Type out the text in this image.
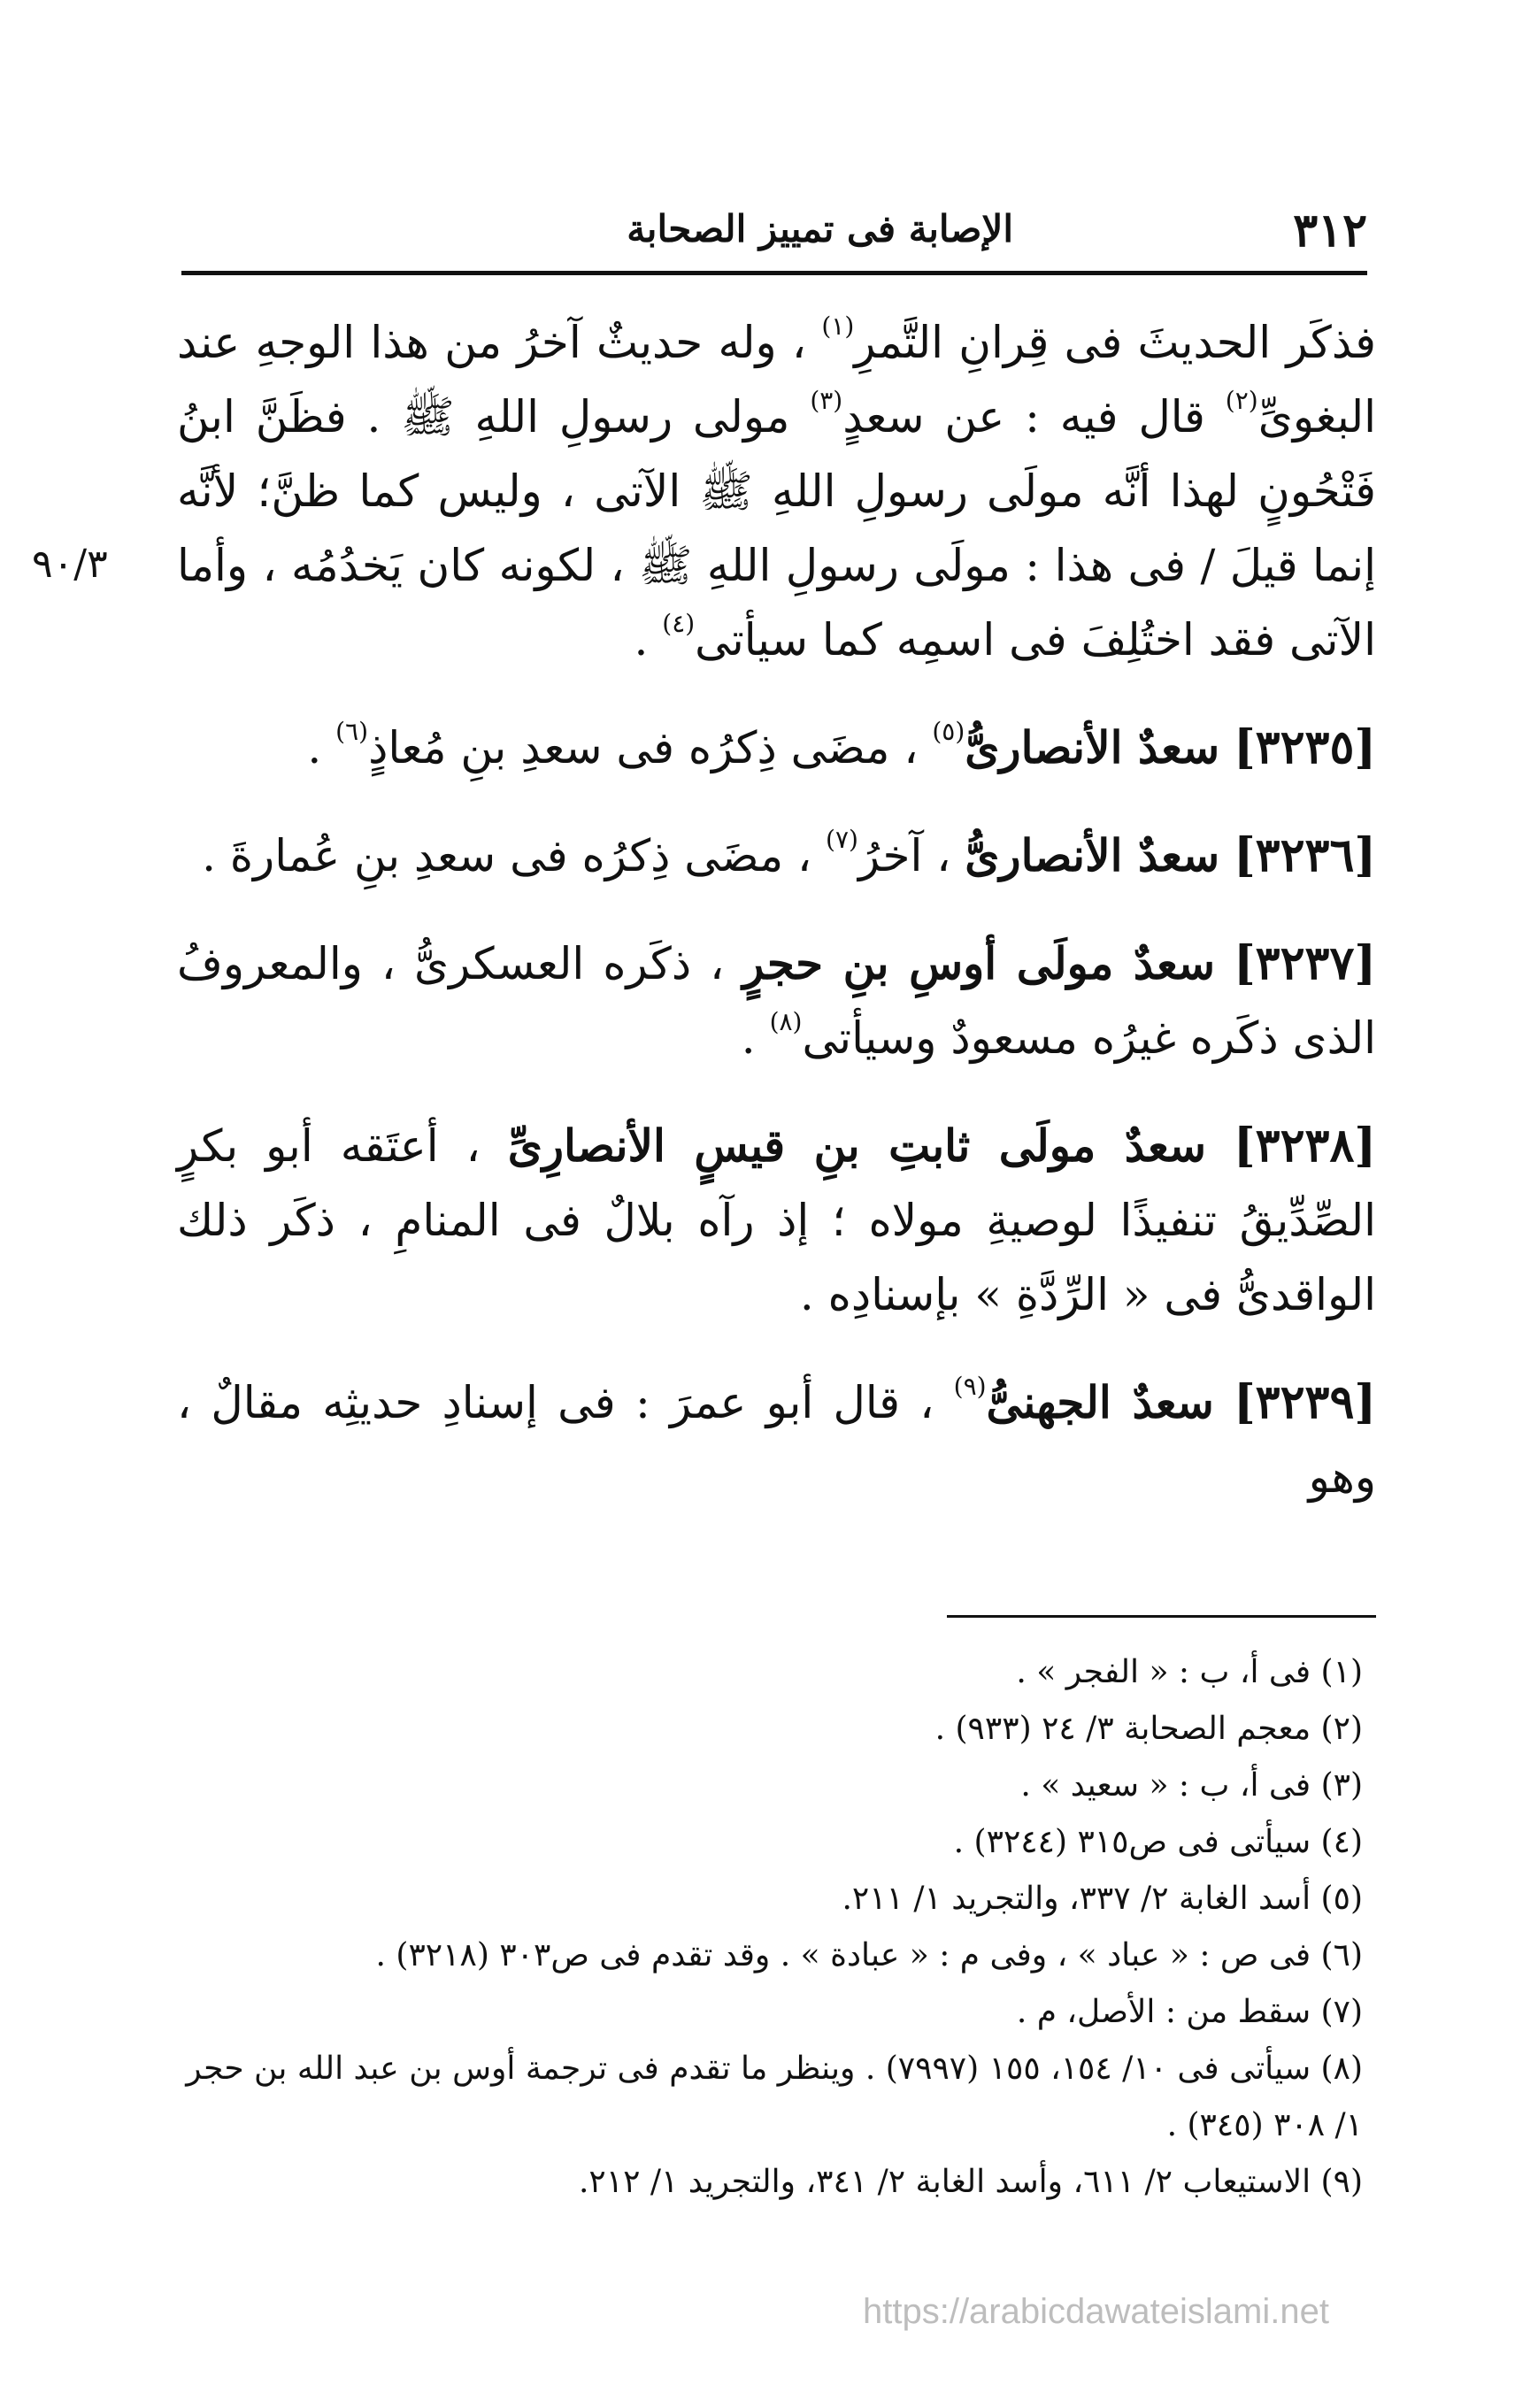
٣١٢
الإصابة فى تمييز الصحابة
٩٠/٣

فذكَر الحديثَ فى قِرانِ التَّمرِ$^{(١)}$ ، وله حديثٌ آخرُ من هذا الوجهِ عند البغوىِّ$^{(٢)}$ قال فيه : عن سعدٍ$^{(٣)}$ مولى رسولِ اللهِ ﷺ . فظَنَّ ابنُ فَتْحُونٍ لهذا أنَّه مولَى رسولِ اللهِ ﷺ الآتى ، وليس كما ظنَّ؛ لأنَّه إنما قيلَ / فى هذا : مولَى رسولِ اللهِ ﷺ ، لكونه كان يَخدُمُه ، وأما الآتى فقد اختُلِفَ فى اسمِه كما سيأتى$^{(٤)}$ .

[٣٢٣٥] سعدٌ الأنصارىُّ$^{(٥)}$ ، مضَى ذِكرُه فى سعدِ بنِ مُعاذٍ$^{(٦)}$ .

[٣٢٣٦] سعدٌ الأنصارىُّ ، آخرُ$^{(٧)}$ ، مضَى ذِكرُه فى سعدِ بنِ عُمارةَ .

[٣٢٣٧] سعدٌ مولَى أوسِ بنِ حجرٍ ، ذكَره العسكرىُّ ، والمعروفُ الذى ذكَره غيرُه مسعودٌ وسيأتى$^{(٨)}$ .

[٣٢٣٨] سعدٌ مولَى ثابتِ بنِ قيسٍ الأنصارِىِّ ، أعتَقه أبو بكرٍ الصِّدِّيقُ تنفيذًا لوصيةِ مولاه ؛ إذ رآه بلالٌ فى المنامِ ، ذكَر ذلك الواقدىُّ فى « الرِّدَّةِ » بإسنادِه .

[٣٢٣٩] سعدٌ الجهنىُّ$^{(٩)}$ ، قال أبو عمرَ : فى إسنادِ حديثِه مقالٌ ، وهو

(١) فى أ، ب : « الفجر » .
(٢) معجم الصحابة ٣/ ٢٤ (٩٣٣) .
(٣) فى أ، ب : « سعيد » .
(٤) سيأتى فى ص٣١٥ (٣٢٤٤) .
(٥) أسد الغابة ٢/ ٣٣٧، والتجريد ١/ ٢١١.
(٦) فى ص : « عباد » ، وفى م : « عبادة » . وقد تقدم فى ص٣٠٣ (٣٢١٨) .
(٧) سقط من : الأصل، م .
(٨) سيأتى فى ١٠/ ١٥٤، ١٥٥ (٧٩٩٧) . وينظر ما تقدم فى ترجمة أوس بن عبد الله بن حجر ١/ ٣٠٨ (٣٤٥) .
(٩) الاستيعاب ٢/ ٦١١، وأسد الغابة ٢/ ٣٤١، والتجريد ١/ ٢١٢.
https://arabicdawateislami.net
